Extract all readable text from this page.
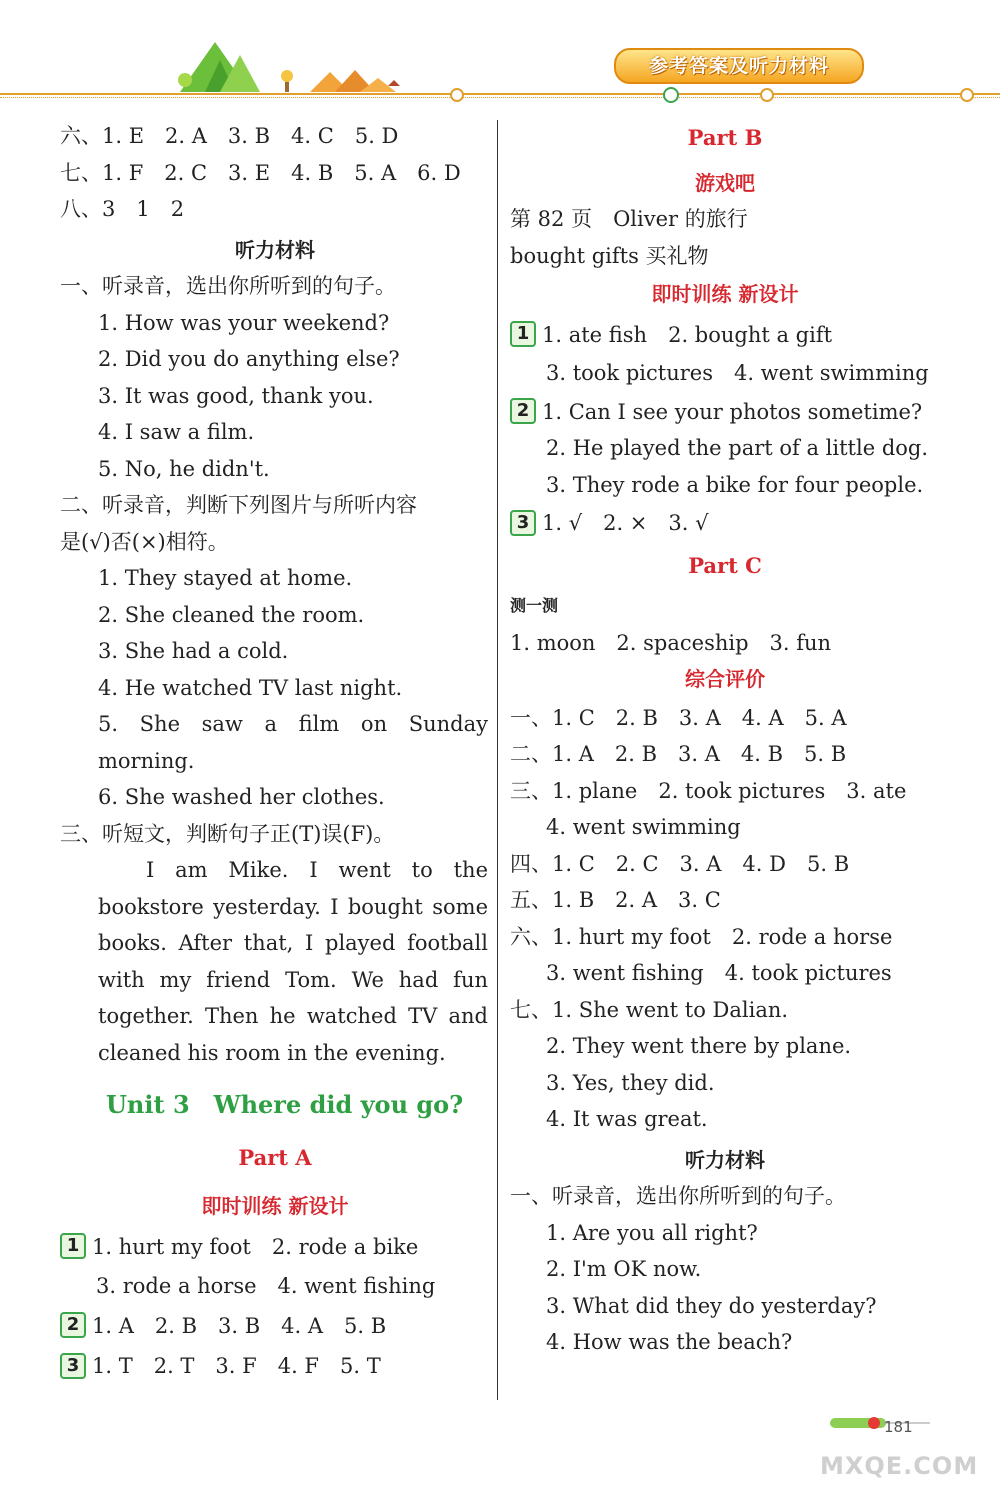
参考答案及听力材料
六、1. E　2. A　3. B　4. C　5. D
七、1. F　2. C　3. E　4. B　5. A　6. D
八、3　1　2
听力材料
一、听录音，选出你所听到的句子。
1. How was your weekend?
2. Did you do anything else?
3. It was good, thank you.
4. I saw a film.
5. No, he didn't.
二、听录音，判断下列图片与所听内容
是(√)否(×)相符。
1. They stayed at home.
2. She cleaned the room.
3. She had a cold.
4. He watched TV last night.
5. She saw a film on Sunday morning.
6. She washed her clothes.
三、听短文，判断句子正(T)误(F)。
I am Mike. I went to the bookstore yesterday. I bought some books. After that, I played football with my friend Tom. We had fun together. Then he watched TV and cleaned his room in the evening.
Unit 3　Where did you go?
Part A
即时训练 新设计
1 1. hurt my foot　2. rode a bike
3. rode a horse　4. went fishing
2 1. A　2. B　3. B　4. A　5. B
3 1. T　2. T　3. F　4. F　5. T
Part B
游戏吧
第 82 页　Oliver 的旅行
bought gifts 买礼物
即时训练 新设计
1 1. ate fish　2. bought a gift
3. took pictures　4. went swimming
2 1. Can I see your photos sometime?
2. He played the part of a little dog.
3. They rode a bike for four people.
3 1. √　2. ×　3. √
Part C
测一测
1. moon　2. spaceship　3. fun
综合评价
一、1. C　2. B　3. A　4. A　5. A
二、1. A　2. B　3. A　4. B　5. B
三、1. plane　2. took pictures　3. ate
4. went swimming
四、1. C　2. C　3. A　4. D　5. B
五、1. B　2. A　3. C
六、1. hurt my foot　2. rode a horse
3. went fishing　4. took pictures
七、1. She went to Dalian.
2. They went there by plane.
3. Yes, they did.
4. It was great.
听力材料
一、听录音，选出你所听到的句子。
1. Are you all right?
2. I'm OK now.
3. What did they do yesterday?
4. How was the beach?
181
MXQE.COM
